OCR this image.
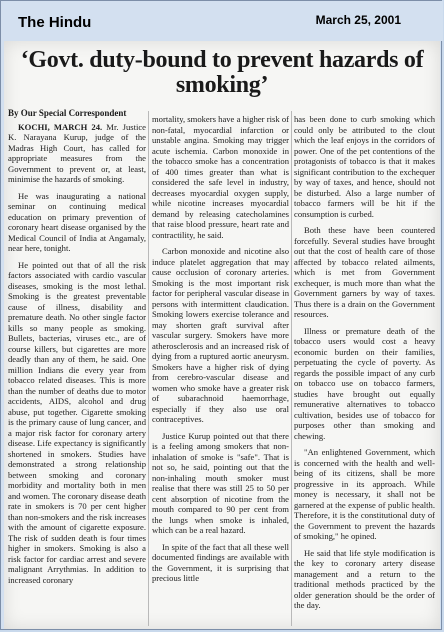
The Hindu	March 25, 2001
‘Govt. duty-bound to prevent hazards of smoking’

By Our Special Correspondent

KOCHI, MARCH 24. Mr. Justice K. Narayana Kurup, judge of the Madras High Court, has called for appropriate measures from the Government to prevent or, at least, minimise the hazards of smoking.

He was inaugurating a national seminar on continuing medical education on primary prevention of coronary heart disease organised by the Medical Council of India at Angamaly, near here, tonight.

He pointed out that of all the risk factors associated with cardio vascular diseases, smoking is the most lethal. Smoking is the greatest preventable cause of illness, disability and premature death. No other single factor kills so many people as smoking. Bullets, bacterias, viruses etc., are of course killers, but cigarettes are more deadly than any of them, he said. One million Indians die every year from tobacco related diseases. This is more than the number of deaths due to motor accidents, AIDS, alcohol and drug abuse, put together. Cigarette smoking is the primary cause of lung cancer, and a major risk factor for coronary artery disease. Life expectancy is significantly shortened in smokers. Studies have demonstrated a strong relationship between smoking and coronary morbidity and mortality both in men and women. The coronary disease death rate in smokers is 70 per cent higher than non-smokers and the risk increases with the amount of cigarette exposure. The risk of sudden death is four times higher in smokers. Smoking is also a risk factor for cardiac arrest and severe malignant Arrythmias. In addition to increased coronary

mortality, smokers have a higher risk of non-fatal, myocardial infarction or unstable angina. Smoking may trigger acute ischemia. Carbon monoxide in the tobacco smoke has a concentration of 400 times greater than what is considered the safe level in industry, decreases myocardial oxygen supply, while nicotine increases myocardial demand by releasing catecholamines that raise blood pressure, heart rate and contractility, he said.

Carbon monoxide and nicotine also induce platelet aggregation that may cause occlusion of coronary arteries. Smoking is the most important risk factor for peripheral vascular disease in persons with intermittent claudication. Smoking lowers exercise tolerance and may shorten graft survival after vascular surgery. Smokers have more atherosclerosis and an increased risk of dying from a ruptured aortic aneurysm. Smokers have a higher risk of dying from cerebro-vascular disease and women who smoke have a greater risk of subarachnoid haemorrhage, especially if they also use oral contraceptives.

Justice Kurup pointed out that there is a feeling among smokers that non-inhalation of smoke is "safe". That is not so, he said, pointing out that the non-inhaling mouth smoker must realise that there was still 25 to 50 per cent absorption of nicotine from the mouth compared to 90 per cent from the lungs when smoke is inhaled, which can be a real hazard.

In spite of the fact that all these well documented findings are available with the Government, it is surprising that precious little

has been done to curb smoking which could only be attributed to the clout which the leaf enjoys in the corridors of power. One of the pet contentions of the protagonists of tobacco is that it makes significant contribution to the exchequer by way of taxes, and hence, should not be disturbed. Also a large number of tobacco farmers will be hit if the consumption is curbed.

Both these have been countered forcefully. Several studies have brought out that the cost of health care of those affected by tobacco related ailments, which is met from Government exchequer, is much more than what the Government garners by way of taxes. Thus there is a drain on the Government resources.

Illness or premature death of the tobacco users would cost a heavy economic burden on their families, perpetuating the cycle of poverty. As regards the possible impact of any curb on tobacco use on tobacco farmers, studies have brought out equally remunerative alternatives to tobacco cultivation, besides use of tobacco for purposes other than smoking and chewing.

"An enlightened Government, which is concerned with the health and well-being of its citizens, shall be more progressive in its approach. While money is necessary, it shall not be garnered at the expense of public health. Therefore, it is the constitutional duty of the Government to prevent the hazards of smoking," he opined.

He said that life style modification is the key to coronary artery disease management and a return to the traditional methods practiced by the older generation should be the order of the day.
